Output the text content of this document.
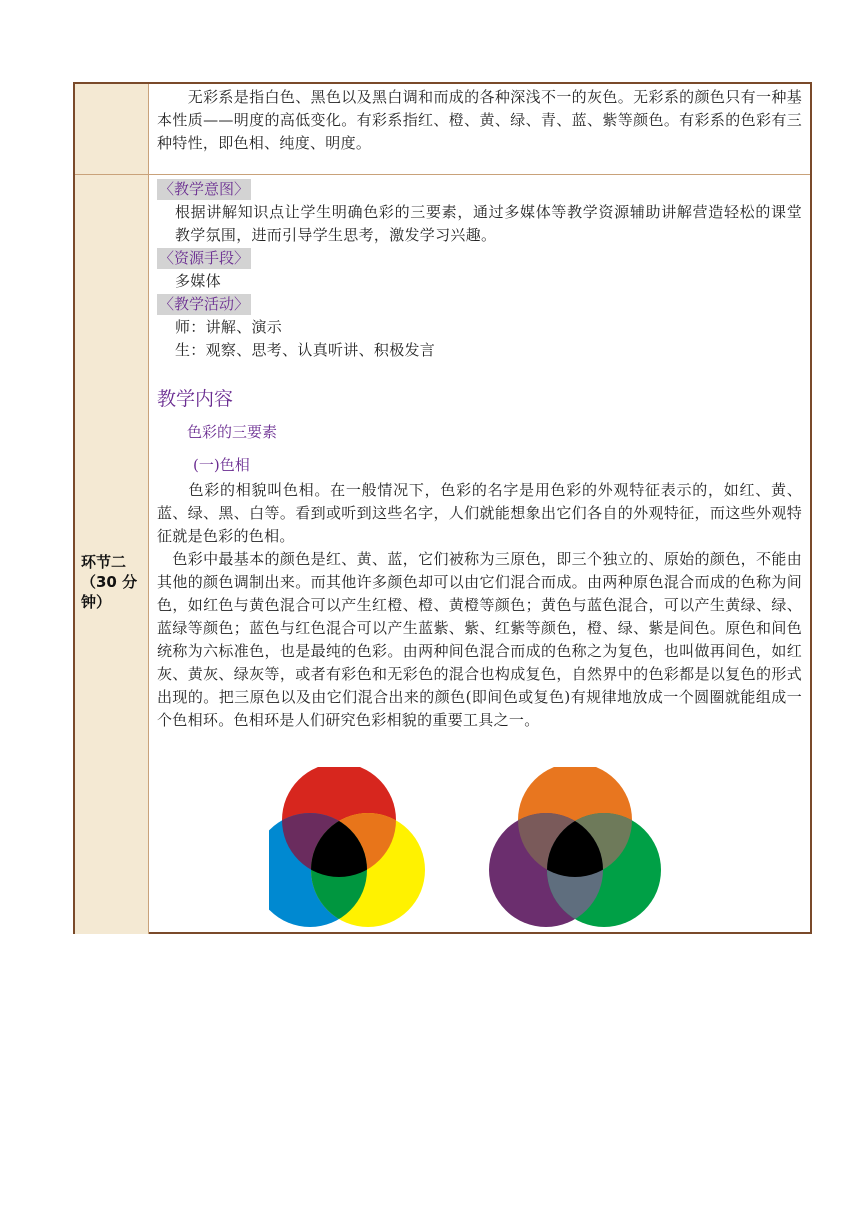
　　无彩系是指白色、黑色以及黑白调和而成的各种深浅不一的灰色。无彩系的颜色只有一种基本性质——明度的高低变化。有彩系指红、橙、黄、绿、青、蓝、紫等颜色。有彩系的色彩有三种特性，即色相、纯度、明度。

环节二
（30 分
钟）
〈教学意图〉

根据讲解知识点让学生明确色彩的三要素，通过多媒体等教学资源辅助讲解营造轻松的课堂教学氛围，进而引导学生思考，激发学习兴趣。

〈资源手段〉

多媒体

〈教学活动〉

师：讲解、演示

生：观察、思考、认真听讲、积极发言

教学内容
色彩的三要素
(一)色相

　　色彩的相貌叫色相。在一般情况下，色彩的名字是用色彩的外观特征表示的，如红、黄、蓝、绿、黑、白等。看到或听到这些名字，人们就能想象出它们各自的外观特征，而这些外观特征就是色彩的色相。

　色彩中最基本的颜色是红、黄、蓝，它们被称为三原色，即三个独立的、原始的颜色，不能由其他的颜色调制出来。而其他许多颜色却可以由它们混合而成。由两种原色混合而成的色称为间色，如红色与黄色混合可以产生红橙、橙、黄橙等颜色；黄色与蓝色混合，可以产生黄绿、绿、蓝绿等颜色；蓝色与红色混合可以产生蓝紫、紫、红紫等颜色，橙、绿、紫是间色。原色和间色统称为六标准色，也是最纯的色彩。由两种间色混合而成的色称之为复色，也叫做再间色，如红灰、黄灰、绿灰等，或者有彩色和无彩色的混合也构成复色，自然界中的色彩都是以复色的形式出现的。把三原色以及由它们混合出来的颜色(即间色或复色)有规律地放成一个圆圈就能组成一个色相环。色相环是人们研究色彩相貌的重要工具之一。
